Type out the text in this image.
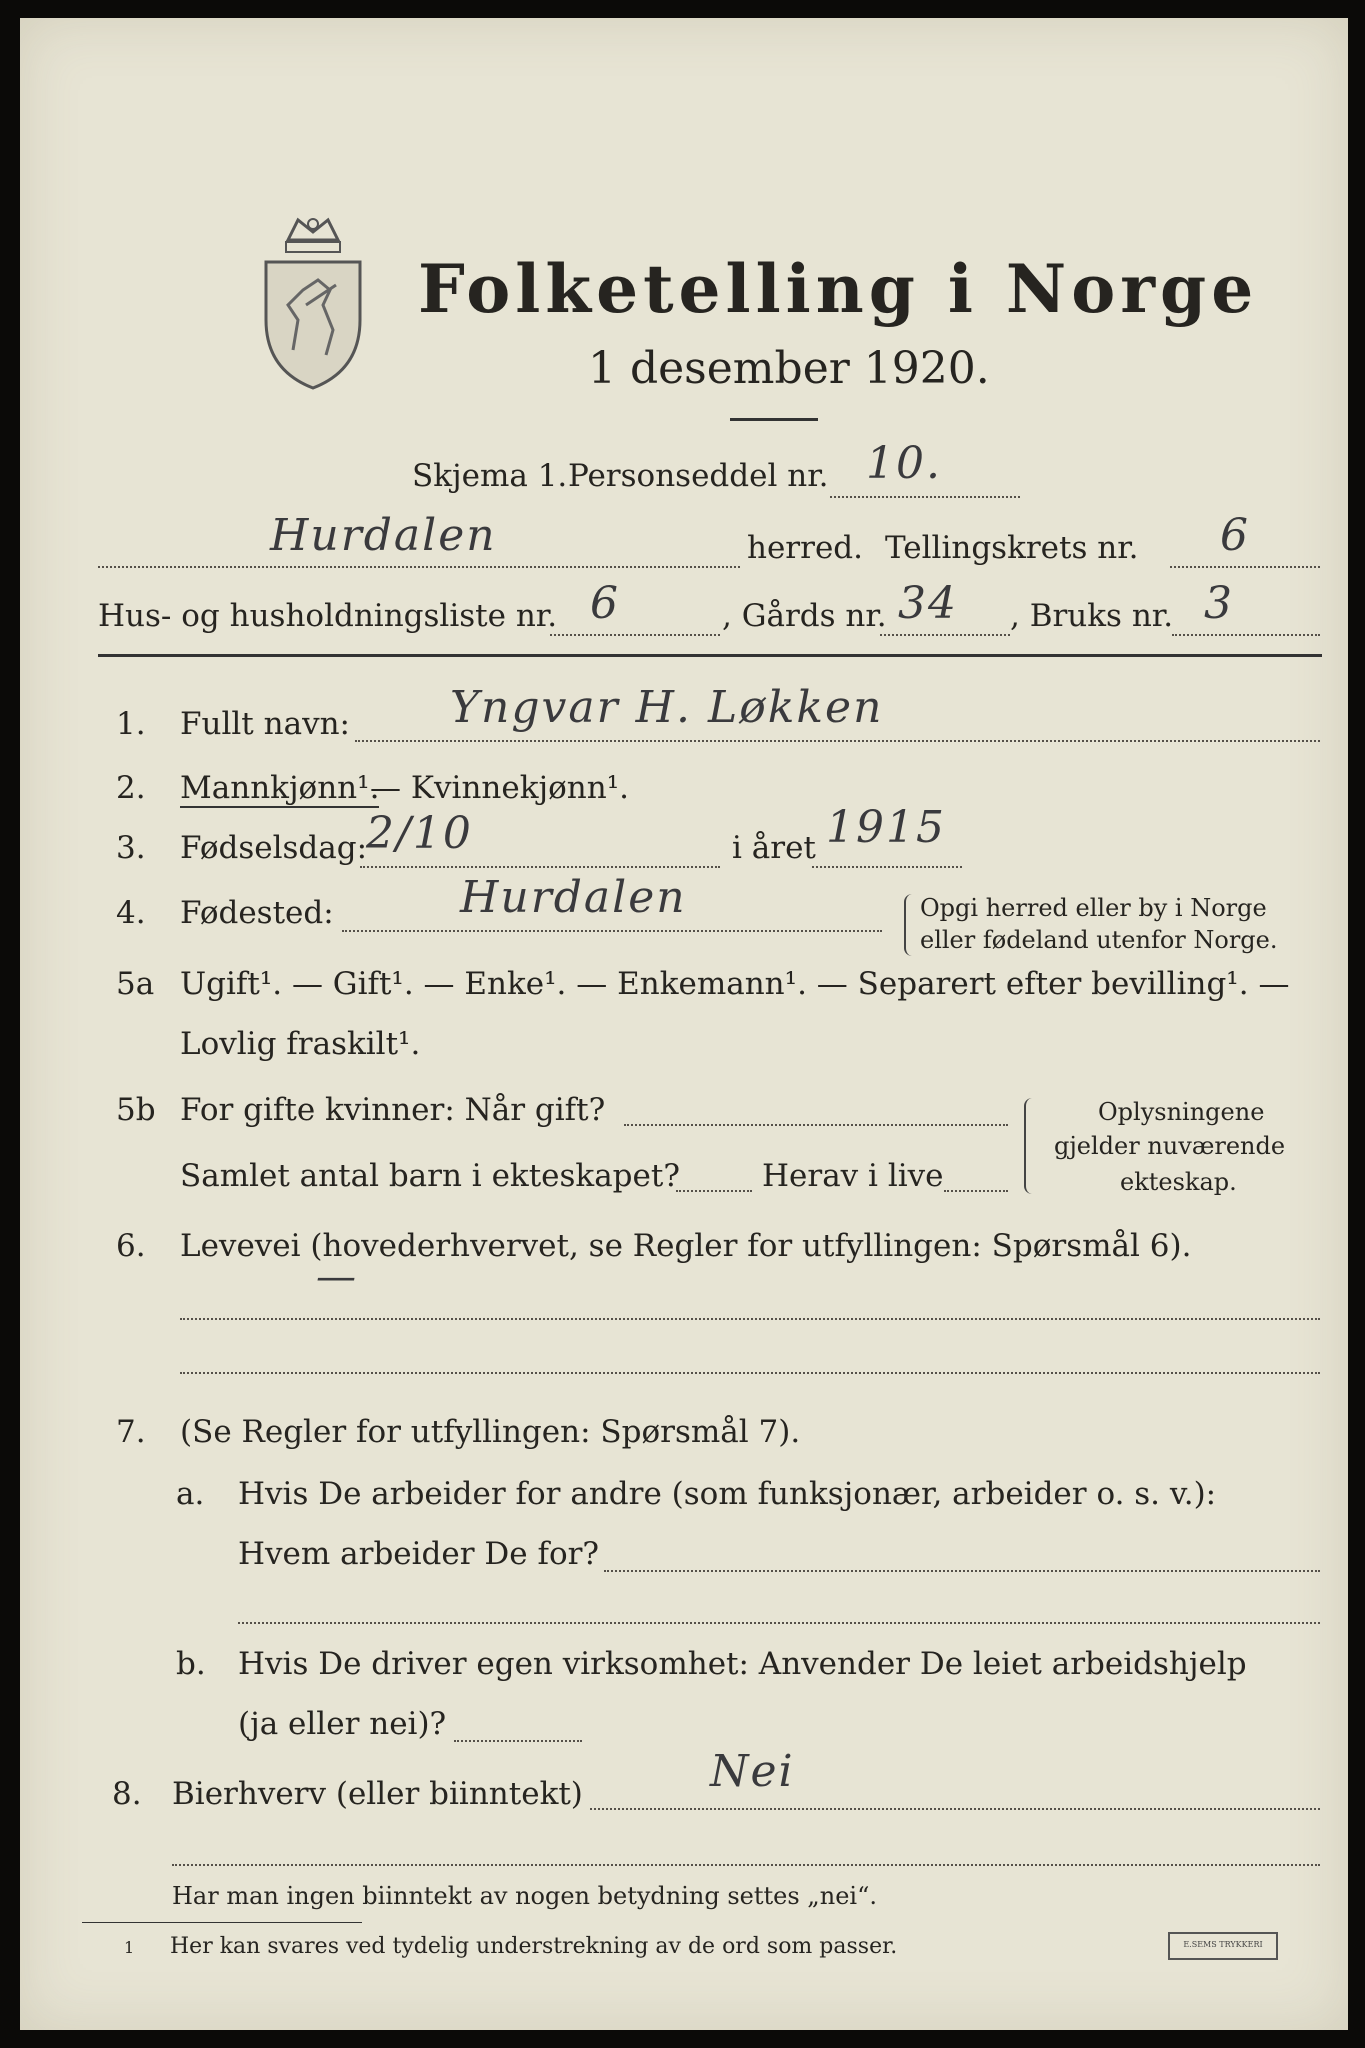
Folketelling i Norge
1 desember 1920.
Skjema 1. Personseddel nr. 10.
Hurdalen	herred. Tellingskrets nr. 6
Hus- og husholdningsliste nr. 6	, Gårds nr. 34 , Bruks nr. 3
1. Fullt navn: Yngvar H. Løkken
2. Mannkjønn¹.
— Kvinnekjønn¹.
3. Fødselsdag:
2/10	i året 1915
4. Fødested:	Hurdalen	Opgi herred eller by i Norge
eller fødeland utenfor Norge.
5a Ugift¹. — Gift¹. — Enke¹. — Enkemann¹. — Separert efter bevilling¹. —
Lovlig fraskilt¹.
5b For gifte kvinner: Når gift?
Samlet antal barn i ekteskapet?	Herav i live
Oplysningene
gjelder nuværende
ekteskap.
6. Levevei (hovederhvervet, se Regler for utfyllingen: Spørsmål 6).
—
7. (Se Regler for utfyllingen: Spørsmål 7).
a. Hvis De arbeider for andre (som funksjonær, arbeider o. s. v.):
Hvem arbeider De for?
b. Hvis De driver egen virksomhet: Anvender De leiet arbeidshjelp
(ja eller nei)?
8. Bierhverv (eller biinntekt)	Nei
Har man ingen biinntekt av nogen betydning settes „nei“.
1 Her kan svares ved tydelig understrekning av de ord som passer.	E.SEMS TRYKKERI
